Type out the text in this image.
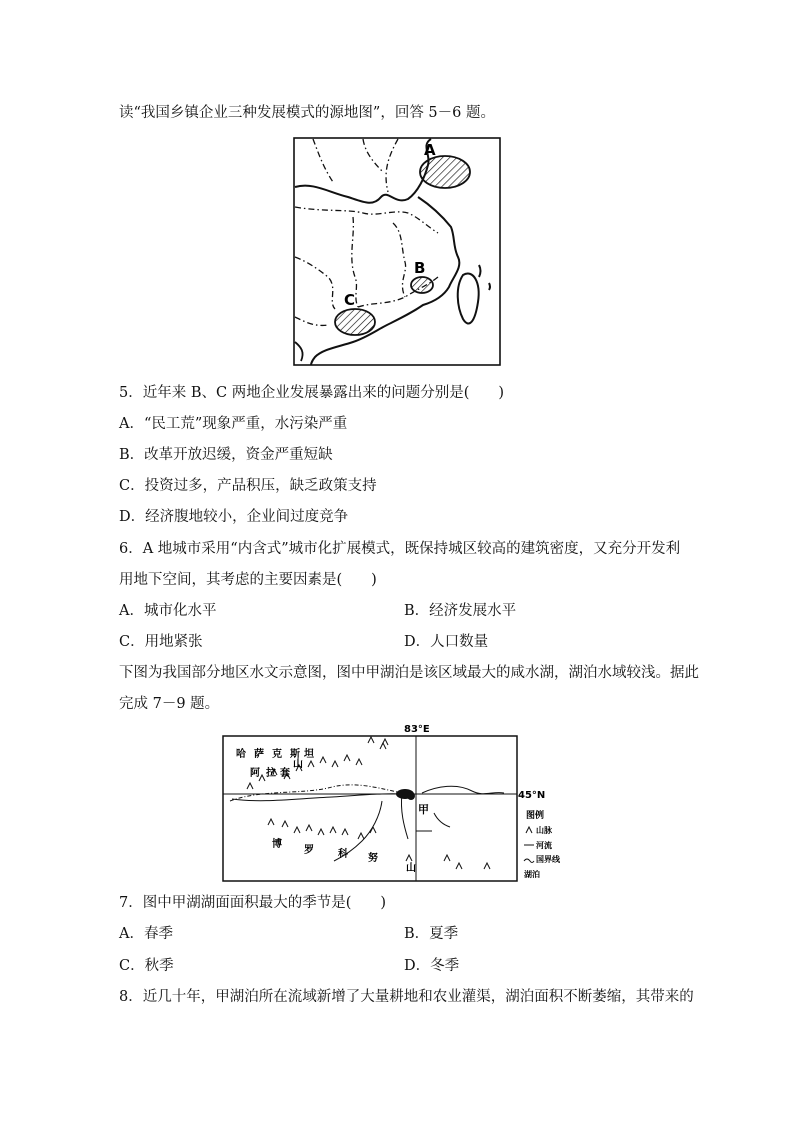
读“我国乡镇企业三种发展模式的源地图”，回答 5－6 题。
A
B
C
5．近年来 B、C 两地企业发展暴露出来的问题分别是(　　)
A．“民工荒”现象严重，水污染严重
B．改革开放迟缓，资金严重短缺
C．投资过多，产品积压，缺乏政策支持
D．经济腹地较小，企业间过度竞争
6．A 地城市采用“内含式”城市化扩展模式，既保持城区较高的建筑密度，又充分开发利
用地下空间，其考虑的主要因素是(　　)
A．城市化水平	B．经济发展水平
C．用地紧张	D．人口数量
下图为我国部分地区水文示意图，图中甲湖泊是该区域最大的咸水湖，湖泊水域较浅。据此
完成 7－9 题。
83°E
45°N
哈 萨 克 斯 坦
阿 拉 套
山
博
罗 科 努
山
甲	图例
山脉
河流
国界线
湖泊
7．图中甲湖湖面面积最大的季节是(　　)
A．春季	B．夏季
C．秋季	D．冬季
8．近几十年，甲湖泊所在流域新增了大量耕地和农业灌渠，湖泊面积不断萎缩，其带来的
